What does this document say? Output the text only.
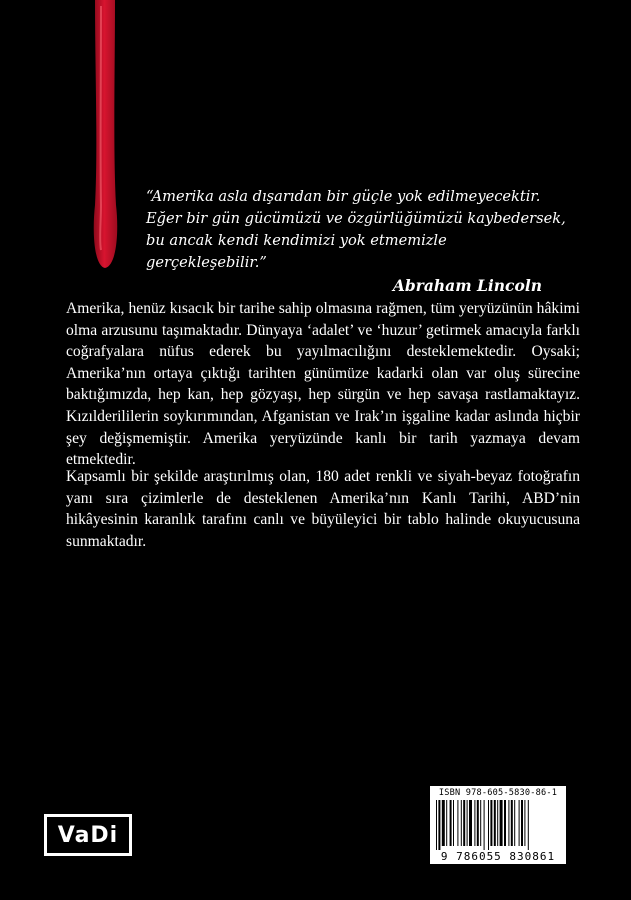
“Amerika asla dışarıdan bir güçle yok edilmeyecektir. Eğer bir gün gücümüzü ve özgürlüğümüzü kaybedersek, bu ancak kendi kendimizi yok etmemizle gerçekleşebilir.”
Abraham Lincoln

Amerika, henüz kısacık bir tarihe sahip olmasına rağmen, tüm yeryüzünün hâkimi olma arzusunu taşımaktadır. Dünyaya ‘adalet’ ve ‘huzur’ getirmek amacıyla farklı coğrafyalara nüfus ederek bu yayılmacılığını desteklemektedir. Oysaki; Amerika’nın ortaya çıktığı tarihten günümüze kadarki olan var oluş sürecine baktığımızda, hep kan, hep gözyaşı, hep sürgün ve hep savaşa rastlamaktayız. Kızılderililerin soykırımından, Afganistan ve Irak’ın işgaline kadar aslında hiçbir şey değişmemiştir. Amerika yeryüzünde kanlı bir tarih yazmaya devam etmektedir.

Kapsamlı bir şekilde araştırılmış olan, 180 adet renkli ve siyah-beyaz fotoğrafın yanı sıra çizimlerle de desteklenen Amerika’nın Kanlı Tarihi, ABD’nin hikâyesinin karanlık tarafını canlı ve büyüleyici bir tablo halinde okuyucusuna sunmaktadır.

VaDi
ISBN 978-605-5830-86-1
9 786055 830861
